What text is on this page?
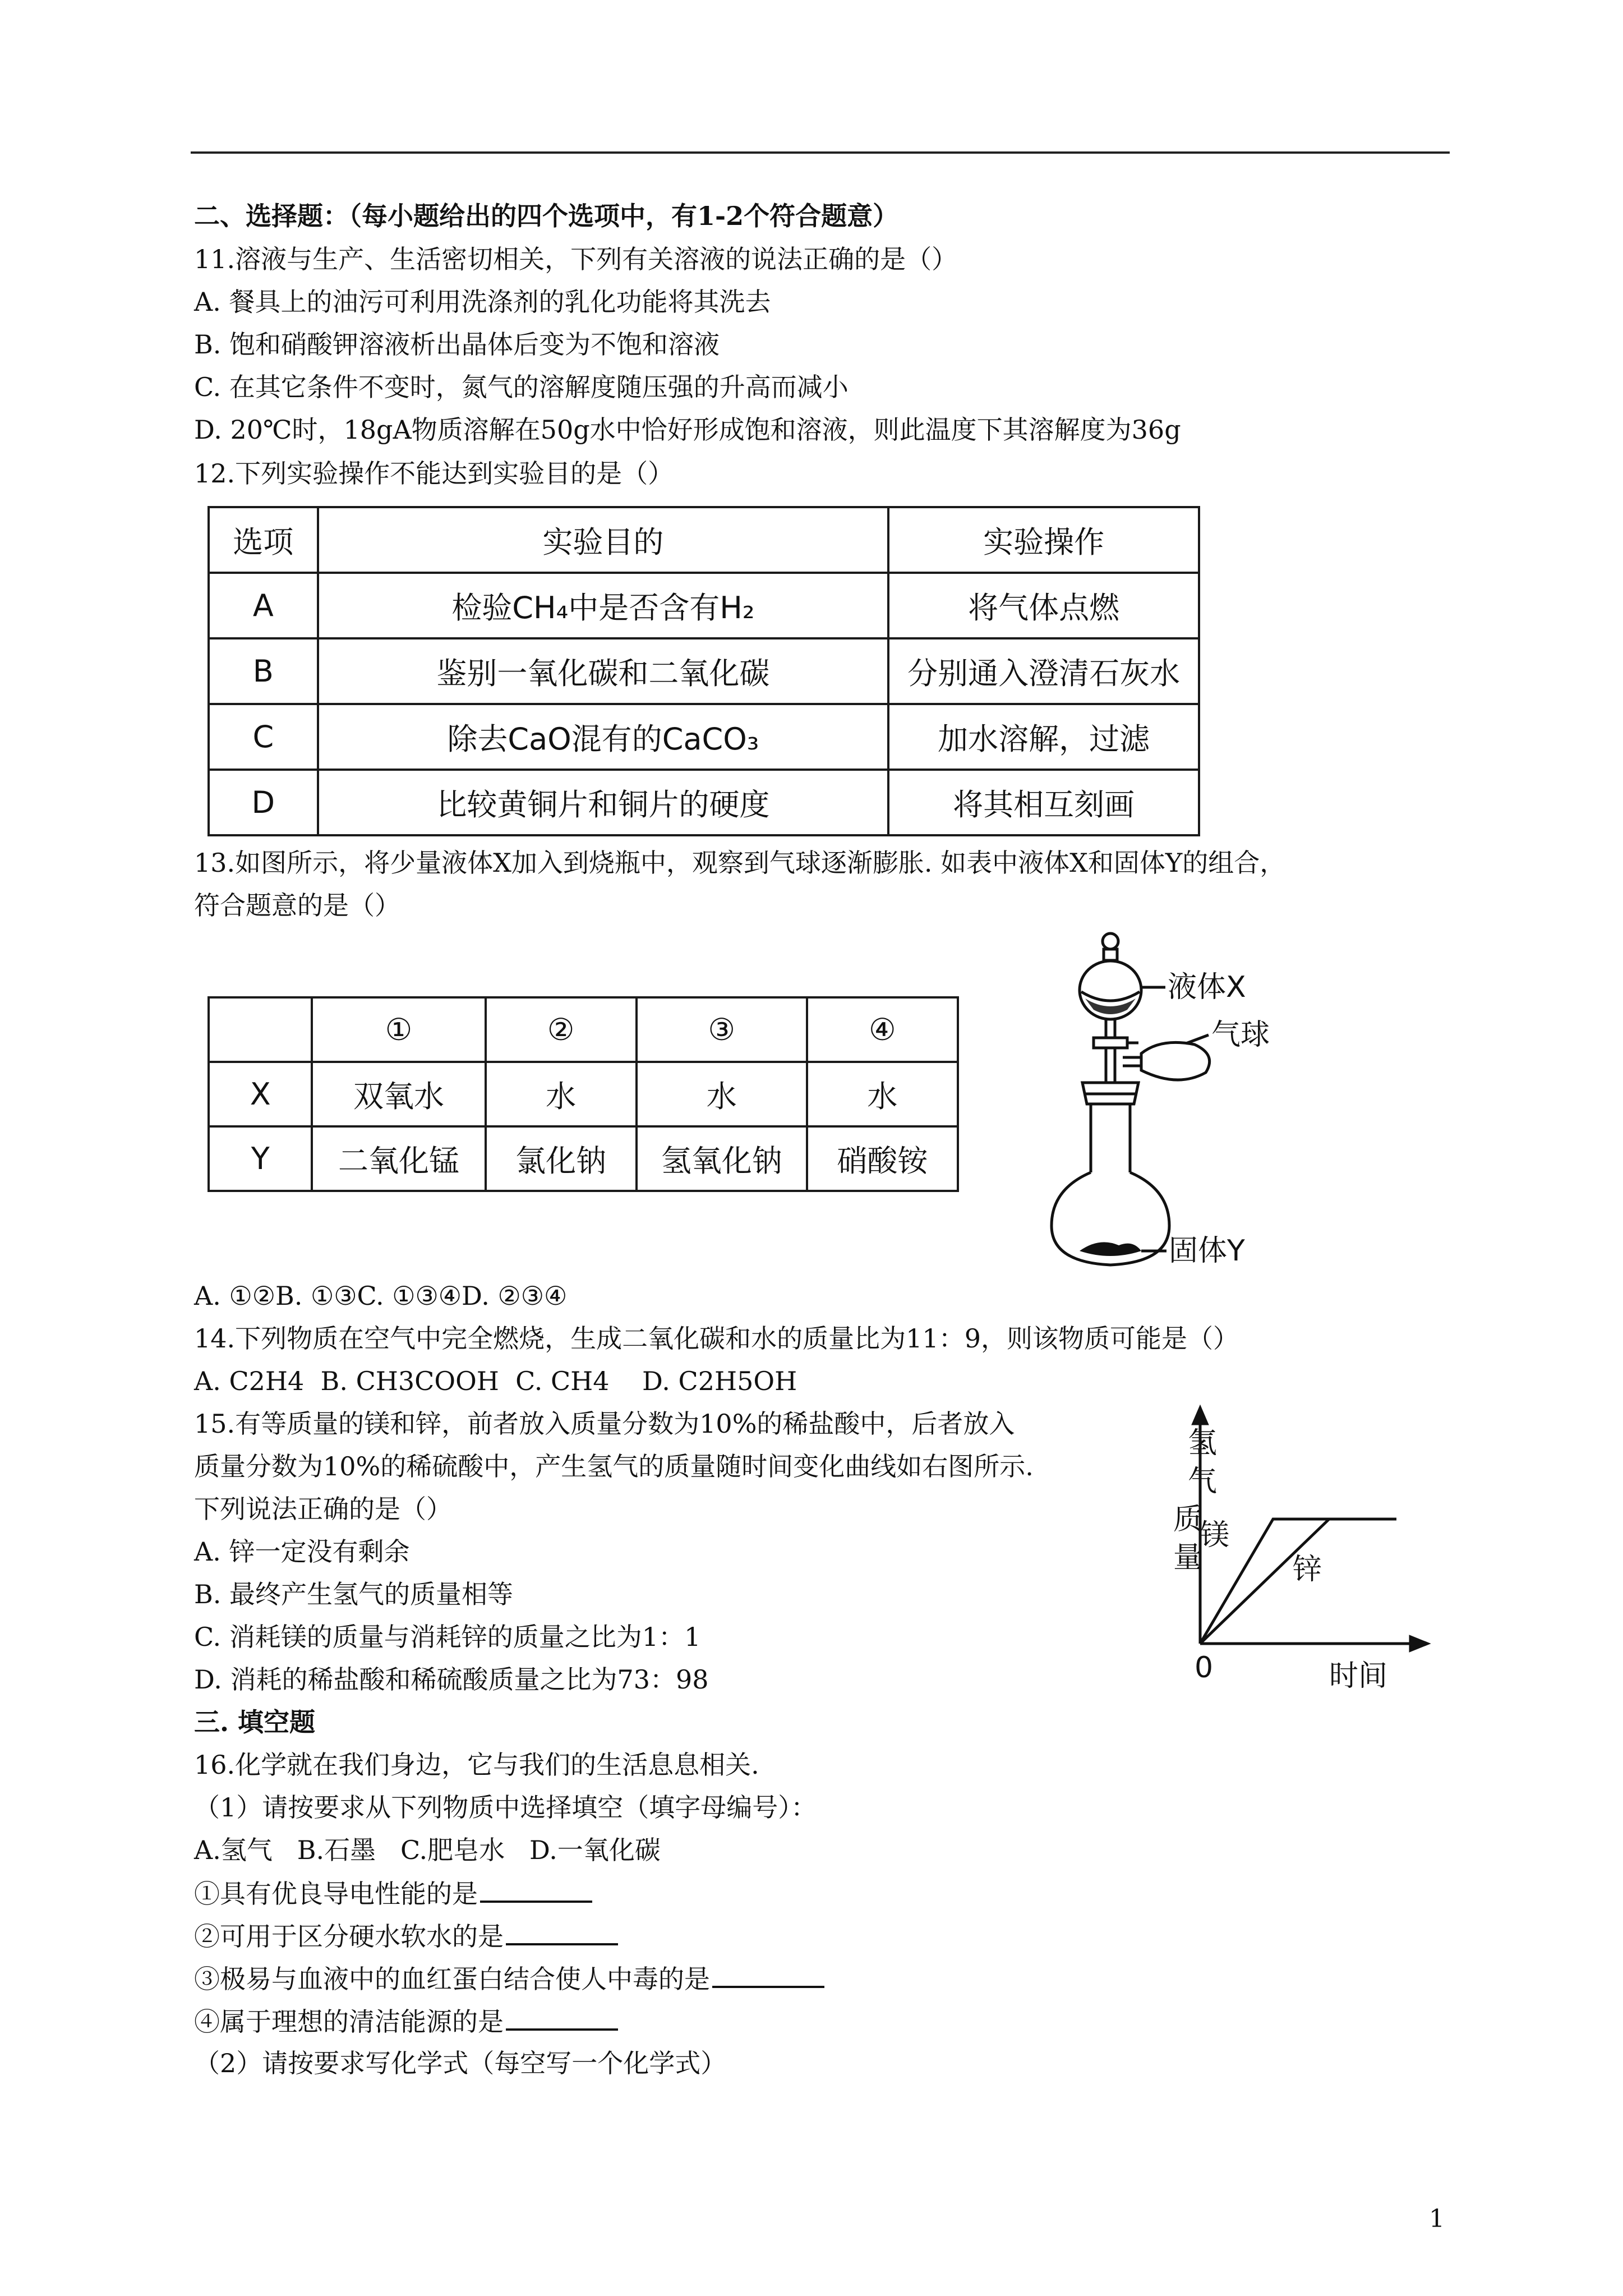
二、选择题：（每小题给出的四个选项中，有1-2个符合题意）
11.溶液与生产、生活密切相关，下列有关溶液的说法正确的是（）
A. 餐具上的油污可利用洗涤剂的乳化功能将其洗去
B. 饱和硝酸钾溶液析出晶体后变为不饱和溶液
C. 在其它条件不变时，氮气的溶解度随压强的升高而减小
D. 20℃时，18gA物质溶解在50g水中恰好形成饱和溶液，则此温度下其溶解度为36g
12.下列实验操作不能达到实验目的是（）
选项	实验目的	实验操作
A	检验CH₄中是否含有H₂	将气体点燃
B	鉴别一氧化碳和二氧化碳	分别通入澄清石灰水
C	除去CaO混有的CaCO₃	加水溶解，过滤
D	比较黄铜片和铜片的硬度	将其相互刻画
13.如图所示，将少量液体X加入到烧瓶中，观察到气球逐渐膨胀. 如表中液体X和固体Y的组合，
符合题意的是（）
	①	②	③	④
X	双氧水	水	水	水
Y	二氧化锰	氯化钠	氢氧化钠	硝酸铵
液体X
气球
固体Y
A. ①②B. ①③C. ①③④D. ②③④
14.下列物质在空气中完全燃烧，生成二氧化碳和水的质量比为11：9，则该物质可能是（）
A. C2H4  B. CH3COOH  C. CH4    D. C2H5OH
15.有等质量的镁和锌，前者放入质量分数为10%的稀盐酸中，后者放入
质量分数为10%的稀硫酸中，产生氢气的质量随时间变化曲线如右图所示.
下列说法正确的是（）
A. 锌一定没有剩余
B. 最终产生氢气的质量相等
C. 消耗镁的质量与消耗锌的质量之比为1：1
D. 消耗的稀盐酸和稀硫酸质量之比为73：98
氢
气
质
量
镁
锌
0	时间
三. 填空题
16.化学就在我们身边，它与我们的生活息息相关.
（1）请按要求从下列物质中选择填空（填字母编号）：
A.氢气   B.石墨   C.肥皂水   D.一氧化碳
①具有优良导电性能的是
②可用于区分硬水软水的是
③极易与血液中的血红蛋白结合使人中毒的是
④属于理想的清洁能源的是
（2）请按要求写化学式（每空写一个化学式）
1
